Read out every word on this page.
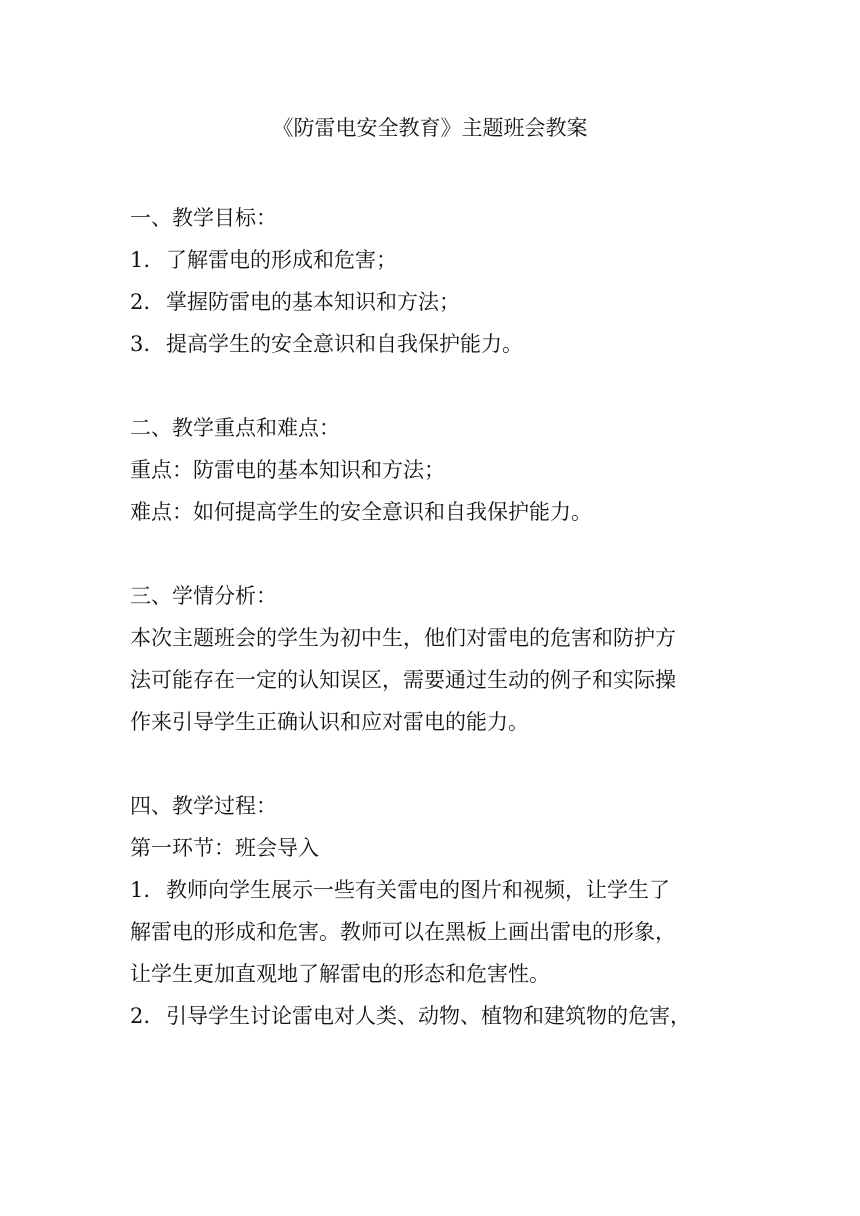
《防雷电安全教育》主题班会教案
一、教学目标：
1. 了解雷电的形成和危害；
2. 掌握防雷电的基本知识和方法；
3. 提高学生的安全意识和自我保护能力。
二、教学重点和难点：
重点：防雷电的基本知识和方法；
难点：如何提高学生的安全意识和自我保护能力。
三、学情分析：
本次主题班会的学生为初中生，他们对雷电的危害和防护方
法可能存在一定的认知误区，需要通过生动的例子和实际操
作来引导学生正确认识和应对雷电的能力。
四、教学过程：
第一环节：班会导入
1. 教师向学生展示一些有关雷电的图片和视频，让学生了
解雷电的形成和危害。教师可以在黑板上画出雷电的形象，
让学生更加直观地了解雷电的形态和危害性。
2. 引导学生讨论雷电对人类、动物、植物和建筑物的危害，
